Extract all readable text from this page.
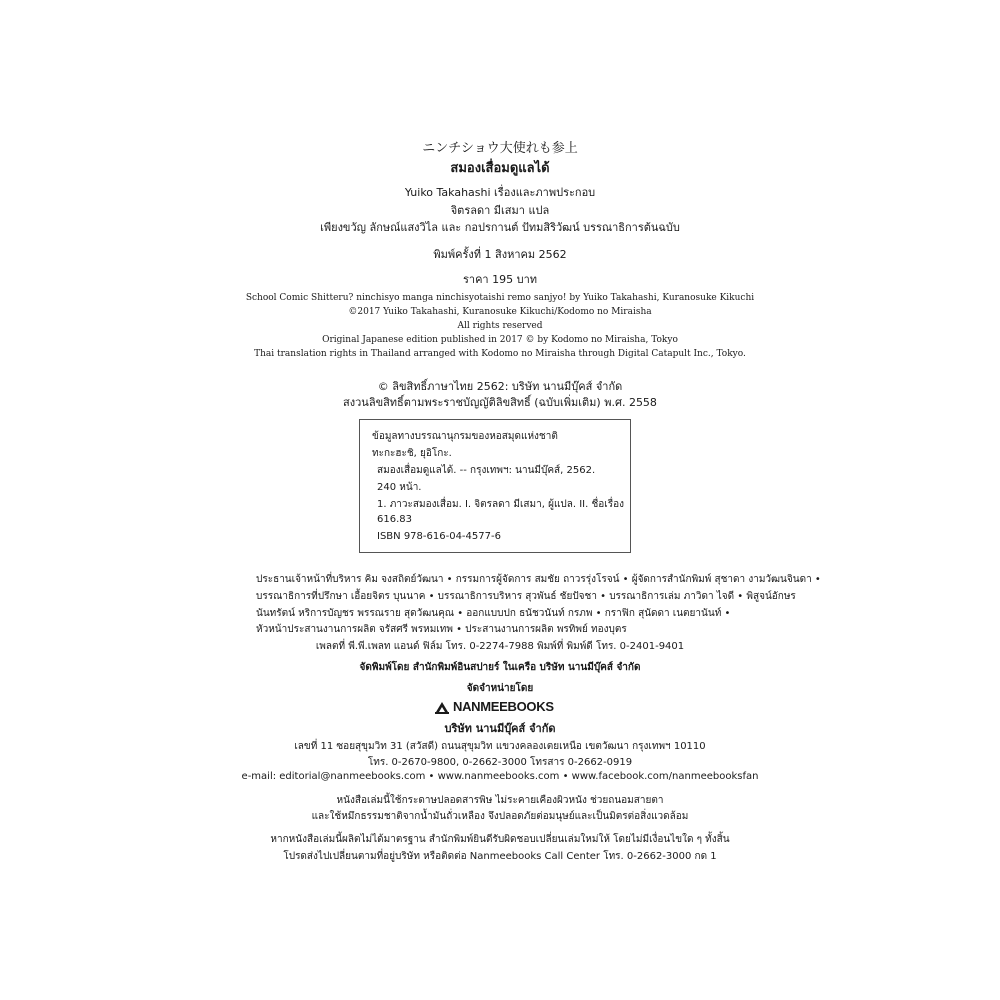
ニンチショウ大使れも参上
สมองเสื่อมดูแลได้
Yuiko Takahashi เรื่องและภาพประกอบ
จิตรลดา มีเสมา แปล
เพียงขวัญ ลักษณ์แสงวิไล และ กอปรกานต์ ปัทมสิริวัฒน์ บรรณาธิการต้นฉบับ
พิมพ์ครั้งที่ 1 สิงหาคม 2562
ราคา 195 บาท
School Comic Shitteru? ninchisyo manga ninchisyotaishi remo sanjyo! by Yuiko Takahashi, Kuranosuke Kikuchi
©2017 Yuiko Takahashi, Kuranosuke Kikuchi/Kodomo no Miraisha
All rights reserved
Original Japanese edition published in 2017 © by Kodomo no Miraisha, Tokyo
Thai translation rights in Thailand arranged with Kodomo no Miraisha through Digital Catapult Inc., Tokyo.
© ลิขสิทธิ์ภาษาไทย 2562: บริษัท นานมีบุ๊คส์ จำกัด
สงวนลิขสิทธิ์ตามพระราชบัญญัติลิขสิทธิ์ (ฉบับเพิ่มเติม) พ.ศ. 2558
ข้อมูลทางบรรณานุกรมของหอสมุดแห่งชาติ
ทะกะฮะชิ, ยุอิโกะ.
สมองเสื่อมดูแลได้. -- กรุงเทพฯ: นานมีบุ๊คส์, 2562.
240 หน้า.
1. ภาวะสมองเสื่อม. I. จิตรลดา มีเสมา, ผู้แปล. II. ชื่อเรื่อง
616.83
ISBN 978-616-04-4577-6
ประธานเจ้าหน้าที่บริหาร คิม จงสถิตย์วัฒนา • กรรมการผู้จัดการ สมชัย ถาวรรุ่งโรจน์ • ผู้จัดการสำนักพิมพ์ สุชาดา งามวัฒนจินดา •
บรรณาธิการที่ปรึกษา เอื้อยจิตร บุนนาค • บรรณาธิการบริหาร สุวพันธ์ ชัยปัจชา • บรรณาธิการเล่ม ภาวิดา ไจดี • พิสูจน์อักษร
นันทรัตน์ หริการบัญชร พรรณราย สุดวัฒนคุณ • ออกแบบปก ธนัชวนันท์ กรภพ • กราฟิก สุนัดดา เนตยานันท์ •
หัวหน้าประสานงานการผลิต จรัสศรี พรหมเทพ • ประสานงานการผลิต พรทิพย์ ทองบุตร
เพลตที่ พี.พี.เพลท แอนด์ ฟิล์ม โทร. 0-2274-7988 พิมพ์ที่ พิมพ์ดี โทร. 0-2401-9401
จัดพิมพ์โดย สำนักพิมพ์อินสปายร์ ในเครือ บริษัท นานมีบุ๊คส์ จำกัด
จัดจำหน่ายโดย
NANMEEBOOKS
บริษัท นานมีบุ๊คส์ จำกัด
เลขที่ 11 ซอยสุขุมวิท 31 (สวัสดี) ถนนสุขุมวิท แขวงคลองเตยเหนือ เขตวัฒนา กรุงเทพฯ 10110
โทร. 0-2670-9800, 0-2662-3000 โทรสาร 0-2662-0919
e-mail: editorial@nanmeebooks.com • www.nanmeebooks.com • www.facebook.com/nanmeebooksfan
หนังสือเล่มนี้ใช้กระดาษปลอดสารพิษ ไม่ระคายเคืองผิวหนัง ช่วยถนอมสายตา
และใช้หมึกธรรมชาติจากน้ำมันถั่วเหลือง จึงปลอดภัยต่อมนุษย์และเป็นมิตรต่อสิ่งแวดล้อม
หากหนังสือเล่มนี้ผลิตไม่ได้มาตรฐาน สำนักพิมพ์ยินดีรับผิดชอบเปลี่ยนเล่มใหม่ให้ โดยไม่มีเงื่อนไขใด ๆ ทั้งสิ้น
โปรดส่งไปเปลี่ยนตามที่อยู่บริษัท หรือติดต่อ Nanmeebooks Call Center โทร. 0-2662-3000 กด 1
